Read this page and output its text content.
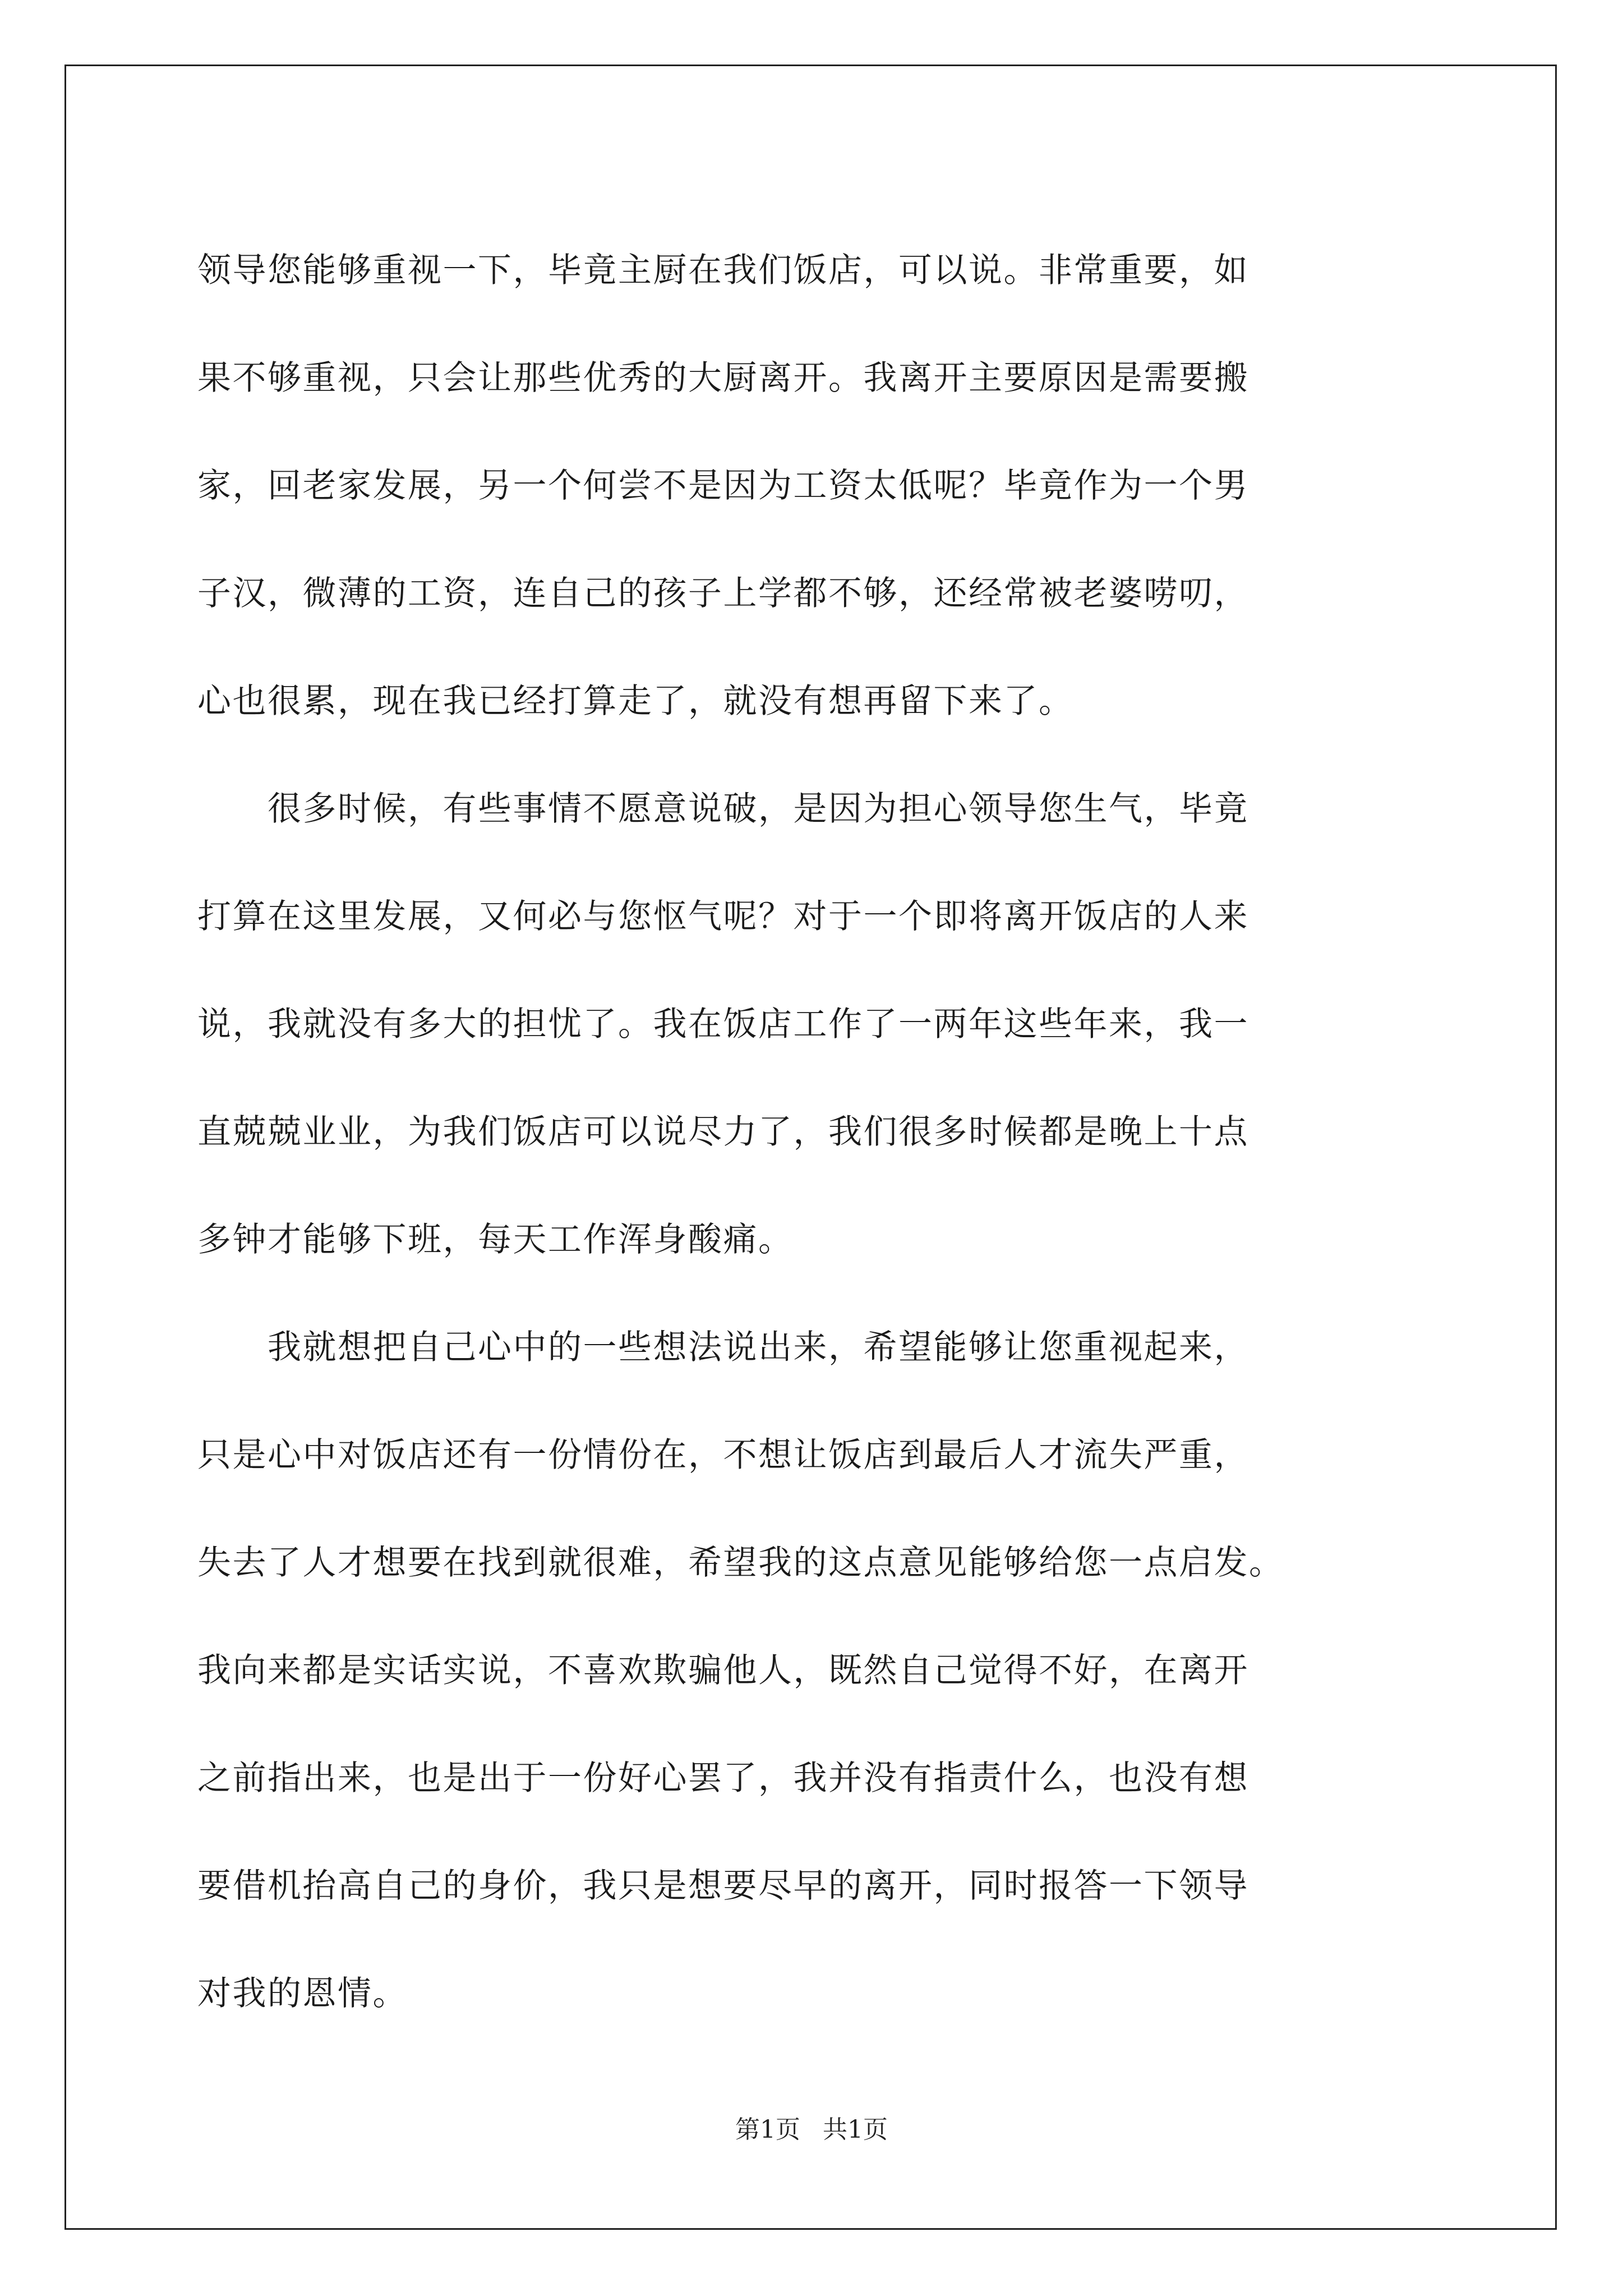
领导您能够重视一下，毕竟主厨在我们饭店，可以说。非常重要，如
果不够重视，只会让那些优秀的大厨离开。我离开主要原因是需要搬
家，回老家发展，另一个何尝不是因为工资太低呢？毕竟作为一个男
子汉，微薄的工资，连自己的孩子上学都不够，还经常被老婆唠叨，
心也很累，现在我已经打算走了，就没有想再留下来了。
　　很多时候，有些事情不愿意说破，是因为担心领导您生气，毕竟
打算在这里发展，又何必与您怄气呢？对于一个即将离开饭店的人来
说，我就没有多大的担忧了。我在饭店工作了一两年这些年来，我一
直兢兢业业，为我们饭店可以说尽力了，我们很多时候都是晚上十点
多钟才能够下班，每天工作浑身酸痛。
　　我就想把自己心中的一些想法说出来，希望能够让您重视起来，
只是心中对饭店还有一份情份在，不想让饭店到最后人才流失严重，
失去了人才想要在找到就很难，希望我的这点意见能够给您一点启发。
我向来都是实话实说，不喜欢欺骗他人，既然自己觉得不好，在离开
之前指出来，也是出于一份好心罢了，我并没有指责什么，也没有想
要借机抬高自己的身价，我只是想要尽早的离开，同时报答一下领导
对我的恩情。
第1页 共1页
